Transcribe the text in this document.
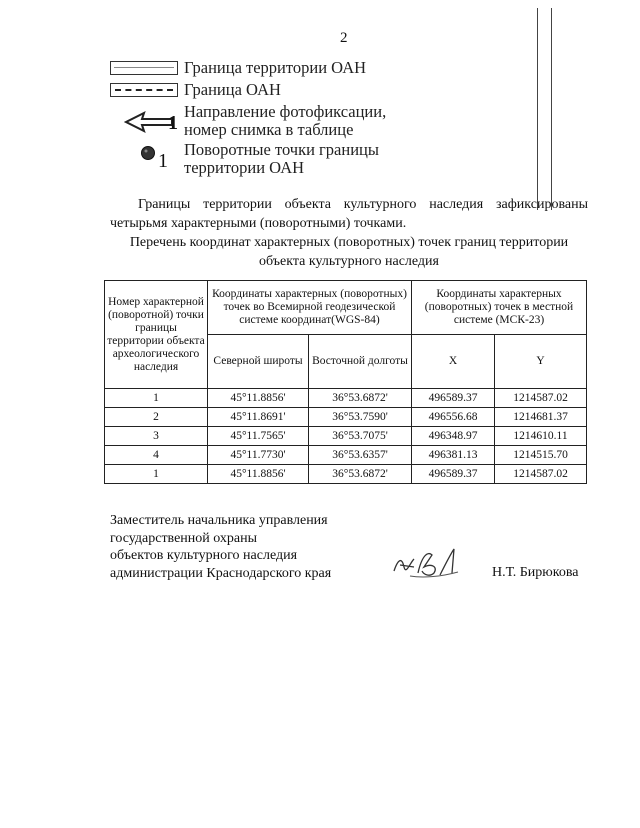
2
Граница территории ОАН
Граница ОАН
1
Направление фотофиксации,
номер снимка в таблице
1
Поворотные точки границы
территории ОАН
Границы территории объекта культурного наследия зафиксированы четырьмя характерными (поворотными) точками.
Перечень координат характерных (поворотных) точек границ территории
объекта культурного наследия
Номер характерной (поворотной) точки границы территории объекта археологического наследия	Координаты характерных (поворотных) точек во Всемирной геодезической системе координат(WGS-84)		Координаты характерных (поворотных) точек в местной системе (МСК-23)	
	Северной широты	Восточной долготы	X	Y
1	45°11.8856'	36°53.6872'	496589.37	1214587.02
2	45°11.8691'	36°53.7590'	496556.68	1214681.37
3	45°11.7565'	36°53.7075'	496348.97	1214610.11
4	45°11.7730'	36°53.6357'	496381.13	1214515.70
1	45°11.8856'	36°53.6872'	496589.37	1214587.02
Заместитель начальника управления
государственной охраны
объектов культурного наследия
администрации Краснодарского края	Н.Т. Бирюкова
